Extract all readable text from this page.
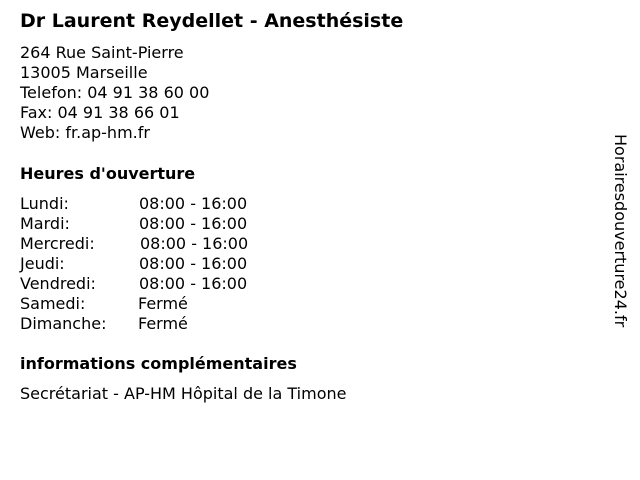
Dr Laurent Reydellet - Anesthésiste
264 Rue Saint-Pierre
13005 Marseille
Telefon: 04 91 38 60 00
Fax: 04 91 38 66 01
Web: fr.ap-hm.fr
Heures d'ouverture
Lundi:	08:00 - 16:00
Mardi:	08:00 - 16:00
Mercredi:	08:00 - 16:00
Jeudi:	08:00 - 16:00
Vendredi:	08:00 - 16:00
Samedi:	Fermé
Dimanche: Fermé
informations complémentaires
Secrétariat - AP-HM Hôpital de la Timone
Horairesdouverture24.fr
